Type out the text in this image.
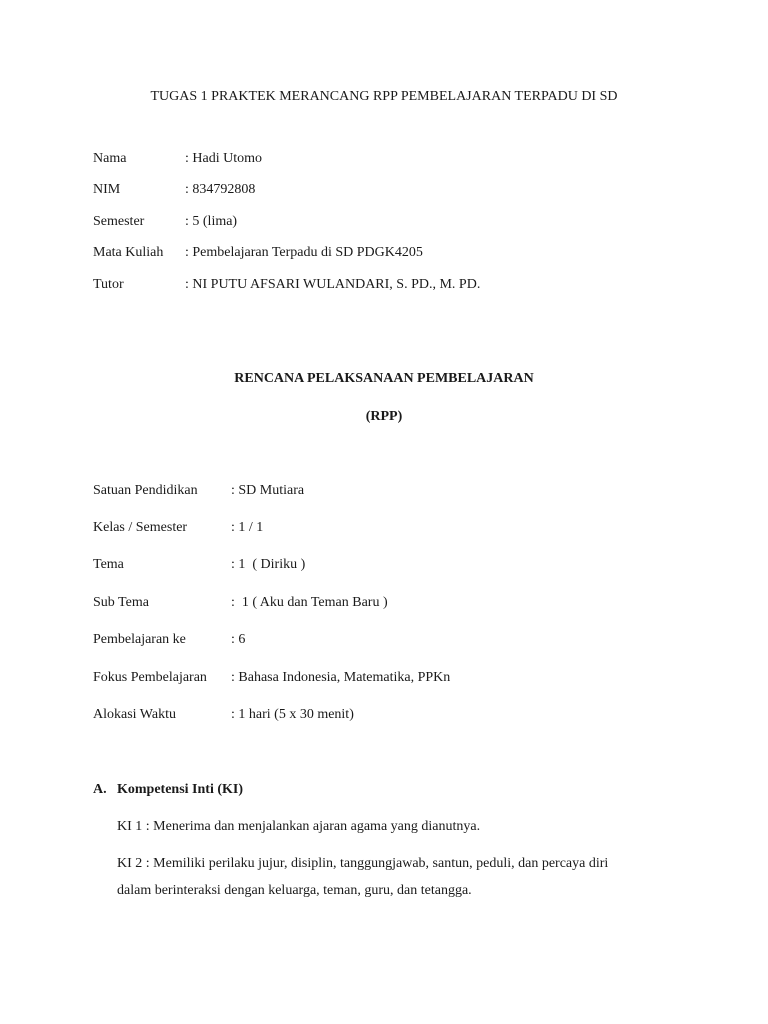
TUGAS 1 PRAKTEK MERANCANG RPP PEMBELAJARAN TERPADU DI SD
Nama	: Hadi Utomo
NIM	: 834792808
Semester	: 5 (lima)
Mata Kuliah : Pembelajaran Terpadu di SD PDGK4205
Tutor	: NI PUTU AFSARI WULANDARI, S. PD., M. PD.
RENCANA PELAKSANAAN PEMBELAJARAN
(RPP)
Satuan Pendidikan : SD Mutiara
Kelas / Semester	: 1 / 1
Tema	: 1  ( Diriku )
Sub Tema	:  1 ( Aku dan Teman Baru )
Pembelajaran ke	: 6
Fokus Pembelajaran : Bahasa Indonesia, Matematika, PPKn
Alokasi Waktu	: 1 hari (5 x 30 menit)
A. Kompetensi Inti (KI)
KI 1 : Menerima dan menjalankan ajaran agama yang dianutnya.
KI 2 : Memiliki perilaku jujur, disiplin, tanggungjawab, santun, peduli, dan percaya diri
dalam berinteraksi dengan keluarga, teman, guru, dan tetangga.
